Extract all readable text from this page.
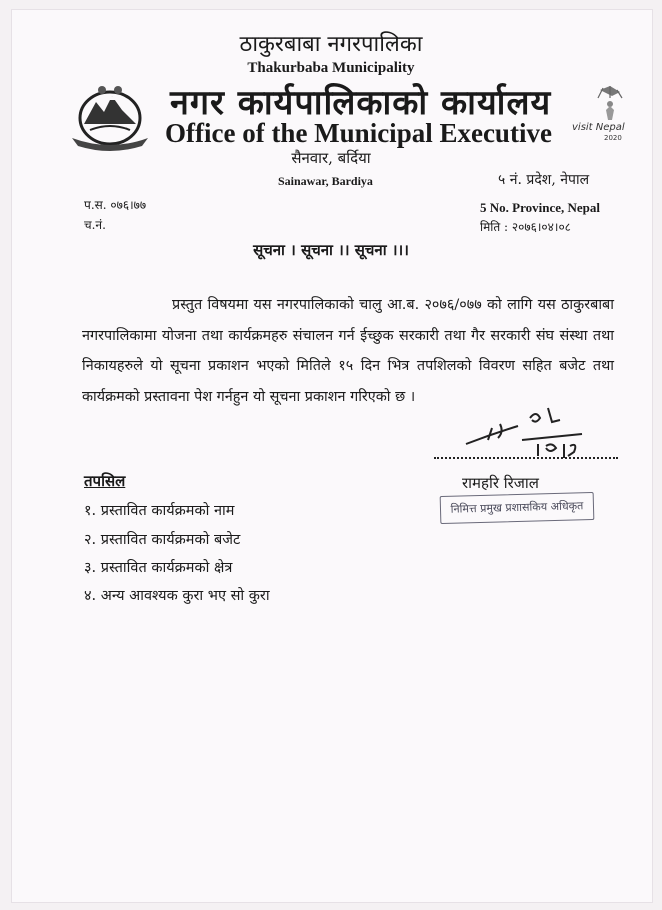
ठाकुरबाबा नगरपालिका
Thakurbaba Municipality
नगर कार्यपालिकाको कार्यालय
Office of the Municipal Executive visit Nepal
2020
सैनवार, बर्दिया
Sainawar, Bardiya	५ नं. प्रदेश, नेपाल
प.स. ०७६।७७	5 No. Province, Nepal
च.नं.	मिति : २०७६।०४।०८
सूचना । सूचना ।। सूचना ।।।
प्रस्तुत विषयमा यस नगरपालिकाको चालु आ.ब. २०७६/०७७ को लागि यस ठाकुरबाबा नगरपालिकामा योजना तथा कार्यक्रमहरु संचालन गर्न ईच्छुक सरकारी तथा गैर सरकारी संघ संस्था तथा निकायहरुले यो सूचना प्रकाशन भएको मितिले १५ दिन भित्र तपशिलको विवरण सहित बजेट तथा कार्यक्रमको प्रस्तावना पेश गर्नहुन यो सूचना प्रकाशन गरिएको छ ।
रामहरि रिजाल
निमित्त प्रमुख प्रशासकिय अधिकृत
तपसिल
१. प्रस्तावित कार्यक्रमको नाम
२. प्रस्तावित कार्यक्रमको बजेट
३. प्रस्तावित कार्यक्रमको क्षेत्र
४. अन्य आवश्यक कुरा भए सो कुरा
